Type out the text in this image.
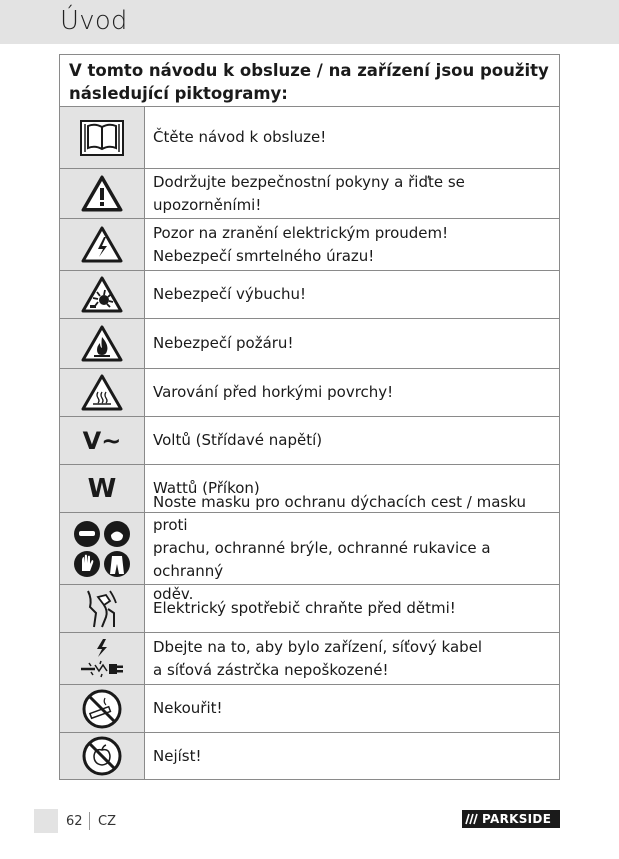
Úvod
V tomto návodu k obsluze / na zařízení jsou použity následující piktogramy:
Čtěte návod k obsluze!
Dodržujte bezpečnostní pokyny a řiďte se upozorněními!
Pozor na zranění elektrickým proudem!
Nebezpečí smrtelného úrazu!
Nebezpečí výbuchu!
Nebezpečí požáru!
Varování před horkými povrchy!
V~ Voltů (Střídavé napětí)
W Wattů (Příkon)
Noste masku pro ochranu dýchacích cest / masku proti
prachu, ochranné brýle, ochranné rukavice a ochranný
oděv.
Elektrický spotřebič chraňte před dětmi!
Dbejte na to, aby bylo zařízení, síťový kabel
a síťová zástrčka nepoškozené!
Nekouřit!
Nejíst!
62 CZ	PARKSIDE
